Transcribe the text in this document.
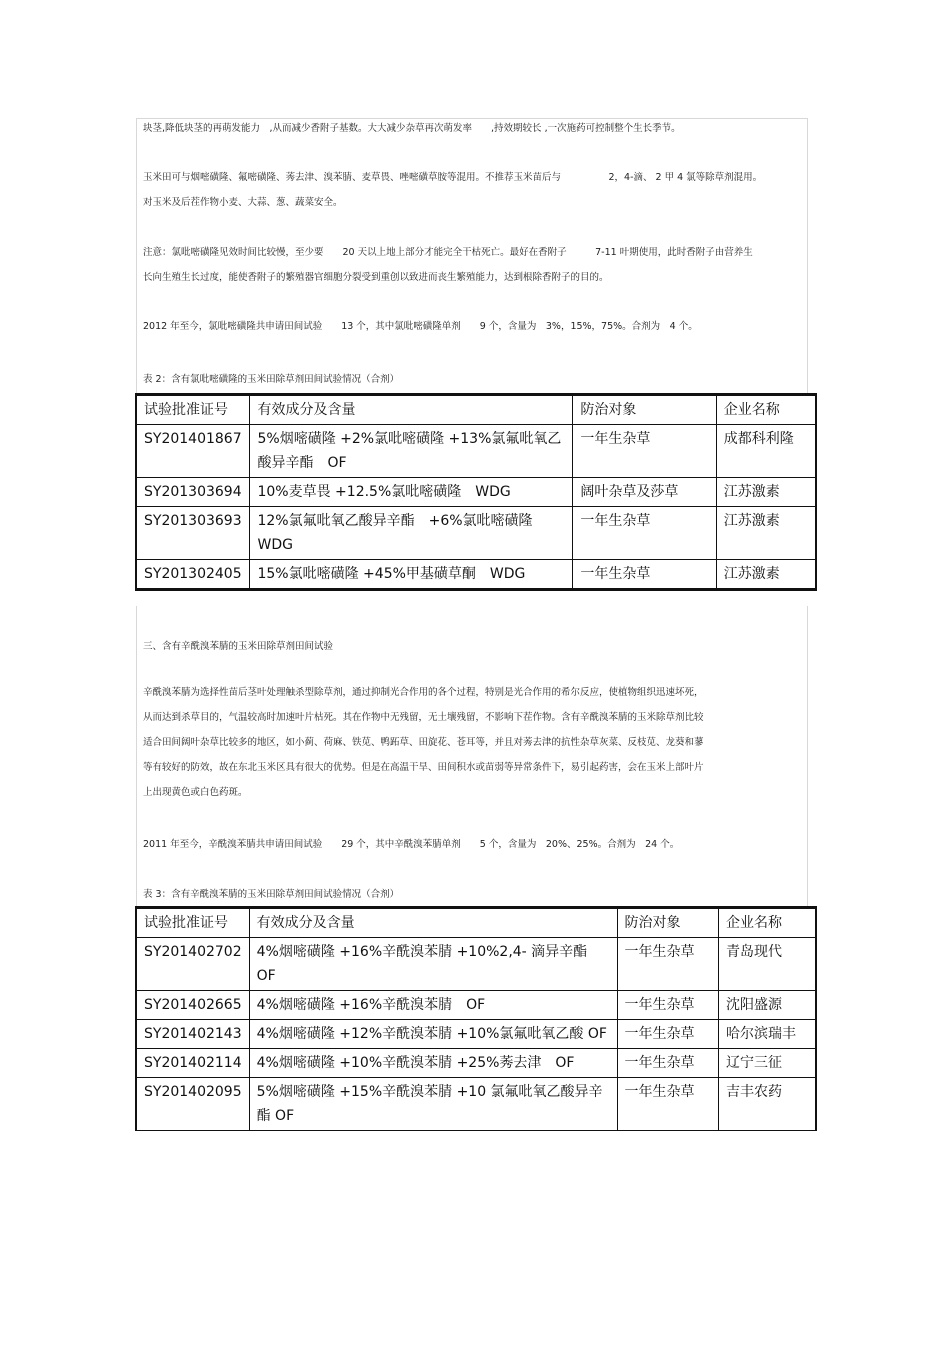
块茎,降低块茎的再萌发能力　,从而减少香附子基数。大大减少杂草再次萌发率　　,持效期较长 ,一次施药可控制整个生长季节。
玉米田可与烟嘧磺隆、氟嘧磺隆、莠去津、溴苯腈、麦草畏、唑嘧磺草胺等混用。不推荐玉米苗后与　　　　　2，4-滴、 2 甲 4 氯等除草剂混用。
对玉米及后茬作物小麦、大蒜、葱、蔬菜安全。
注意：氯吡嘧磺隆见效时间比较慢，至少要　　20 天以上地上部分才能完全干枯死亡。最好在香附子　　　7-11 叶期使用，此时香附子由营养生
长向生殖生长过度，能使香附子的繁殖器官细胞分裂受到重创以致进而丧生繁殖能力，达到根除香附子的目的。
2012 年至今，氯吡嘧磺隆共申请田间试验　　13 个，其中氯吡嘧磺隆单剂　　9 个，含量为　3%，15%，75%。合剂为　4 个。
表 2：含有氯吡嘧磺隆的玉米田除草剂田间试验情况（合剂）
试验批准证号	有效成分及含量	防治对象	企业名称
SY201401867	5%烟嘧磺隆 +2%氯吡嘧磺隆 +13%氯氟吡氧乙酸异辛酯　OF	一年生杂草	成都科利隆
SY201303694	10%麦草畏 +12.5%氯吡嘧磺隆　WDG	阔叶杂草及莎草	江苏激素
SY201303693	12%氯氟吡氧乙酸异辛酯　+6%氯吡嘧磺隆 WDG	一年生杂草	江苏激素
SY201302405	15%氯吡嘧磺隆 +45%甲基磺草酮　WDG	一年生杂草	江苏激素
三、含有辛酰溴苯腈的玉米田除草剂田间试验
辛酰溴苯腈为选择性苗后茎叶处理触杀型除草剂，通过抑制光合作用的各个过程，特别是光合作用的希尔反应，使植物组织迅速坏死，
从而达到杀草目的，气温较高时加速叶片枯死。其在作物中无残留，无土壤残留，不影响下茬作物。含有辛酰溴苯腈的玉米除草剂比较
适合田间阔叶杂草比较多的地区，如小蓟、荷麻、铁苋、鸭跖草、田旋花、苍耳等，并且对莠去津的抗性杂草灰菜、反枝苋、龙葵和蓼
等有较好的防效，故在东北玉米区具有很大的优势。但是在高温干旱、田间积水或苗弱等异常条件下，易引起药害，会在玉米上部叶片
上出现黄色或白色药斑。
2011 年至今，辛酰溴苯腈共申请田间试验　　29 个，其中辛酰溴苯腈单剂　　5 个，含量为　20%、25%。合剂为　24 个。
表 3：含有辛酰溴苯腈的玉米田除草剂田间试验情况（合剂）
试验批准证号	有效成分及含量	防治对象	企业名称
SY201402702	4%烟嘧磺隆 +16%辛酰溴苯腈 +10%2,4- 滴异辛酯 OF	一年生杂草	青岛现代
SY201402665	4%烟嘧磺隆 +16%辛酰溴苯腈　OF	一年生杂草	沈阳盛源
SY201402143	4%烟嘧磺隆 +12%辛酰溴苯腈 +10%氯氟吡氧乙酸 OF	一年生杂草	哈尔滨瑞丰
SY201402114	4%烟嘧磺隆 +10%辛酰溴苯腈 +25%莠去津　OF	一年生杂草	辽宁三征
SY201402095	5%烟嘧磺隆 +15%辛酰溴苯腈 +10 氯氟吡氧乙酸异辛酯 OF	一年生杂草	吉丰农药
